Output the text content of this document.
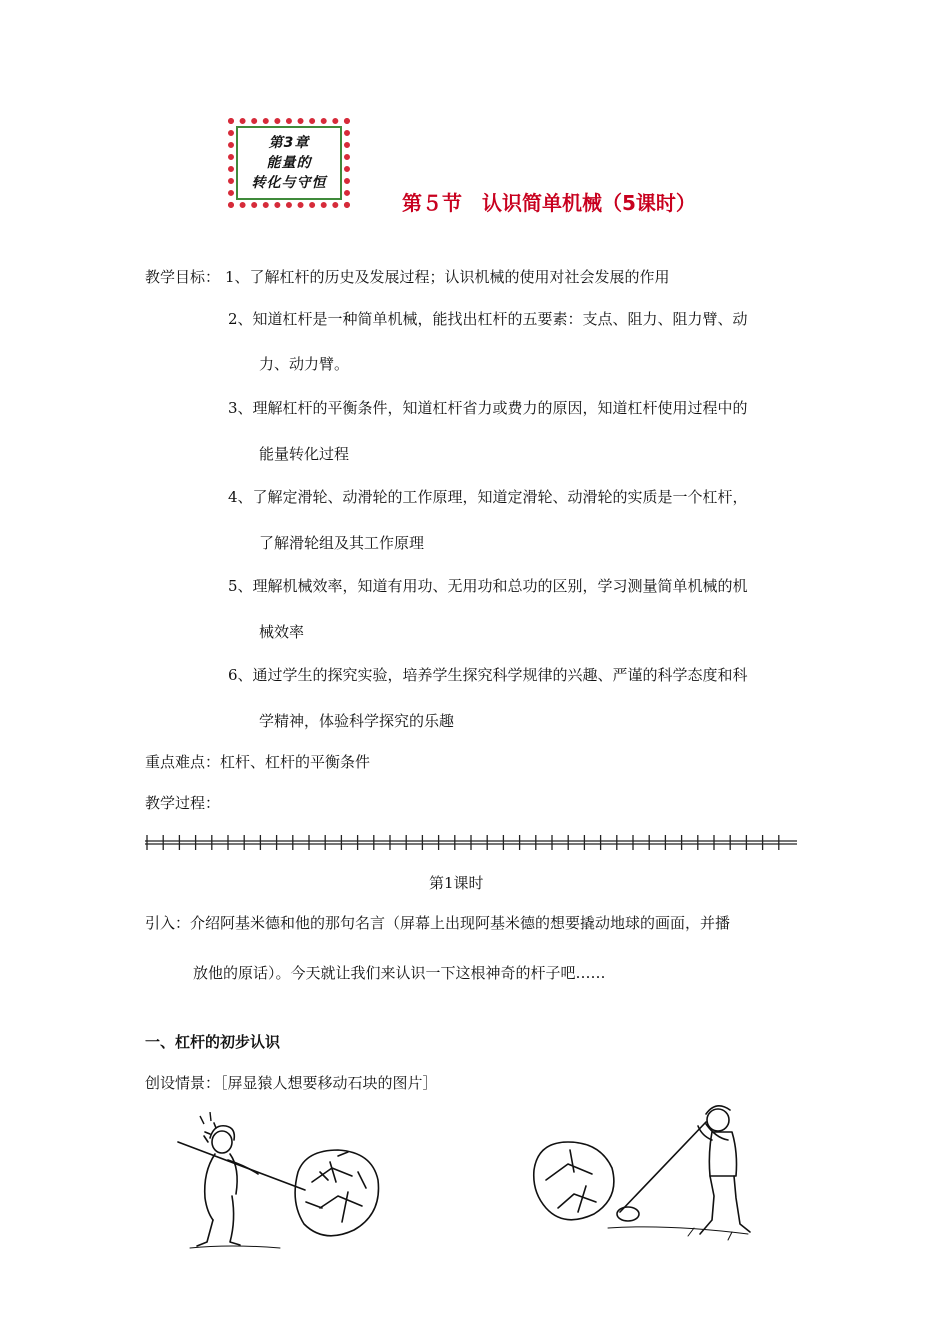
第3章
能量的
转化与守恒
第５节　认识简单机械（5课时）
教学目标： 1、了解杠杆的历史及发展过程；认识机械的使用对社会发展的作用
2、知道杠杆是一种简单机械，能找出杠杆的五要素：支点、阻力、阻力臂、动
力、动力臂。
3、理解杠杆的平衡条件，知道杠杆省力或费力的原因，知道杠杆使用过程中的
能量转化过程
4、了解定滑轮、动滑轮的工作原理，知道定滑轮、动滑轮的实质是一个杠杆，
了解滑轮组及其工作原理
5、理解机械效率，知道有用功、无用功和总功的区别，学习测量简单机械的机
械效率
6、通过学生的探究实验，培养学生探究科学规律的兴趣、严谨的科学态度和科
学精神，体验科学探究的乐趣
重点难点：杠杆、杠杆的平衡条件
教学过程：
第1课时
引入：介绍阿基米德和他的那句名言（屏幕上出现阿基米德的想要撬动地球的画面，并播
放他的原话）。今天就让我们来认识一下这根神奇的杆子吧……
一、杠杆的初步认识
创设情景：［屏显猿人想要移动石块的图片］
